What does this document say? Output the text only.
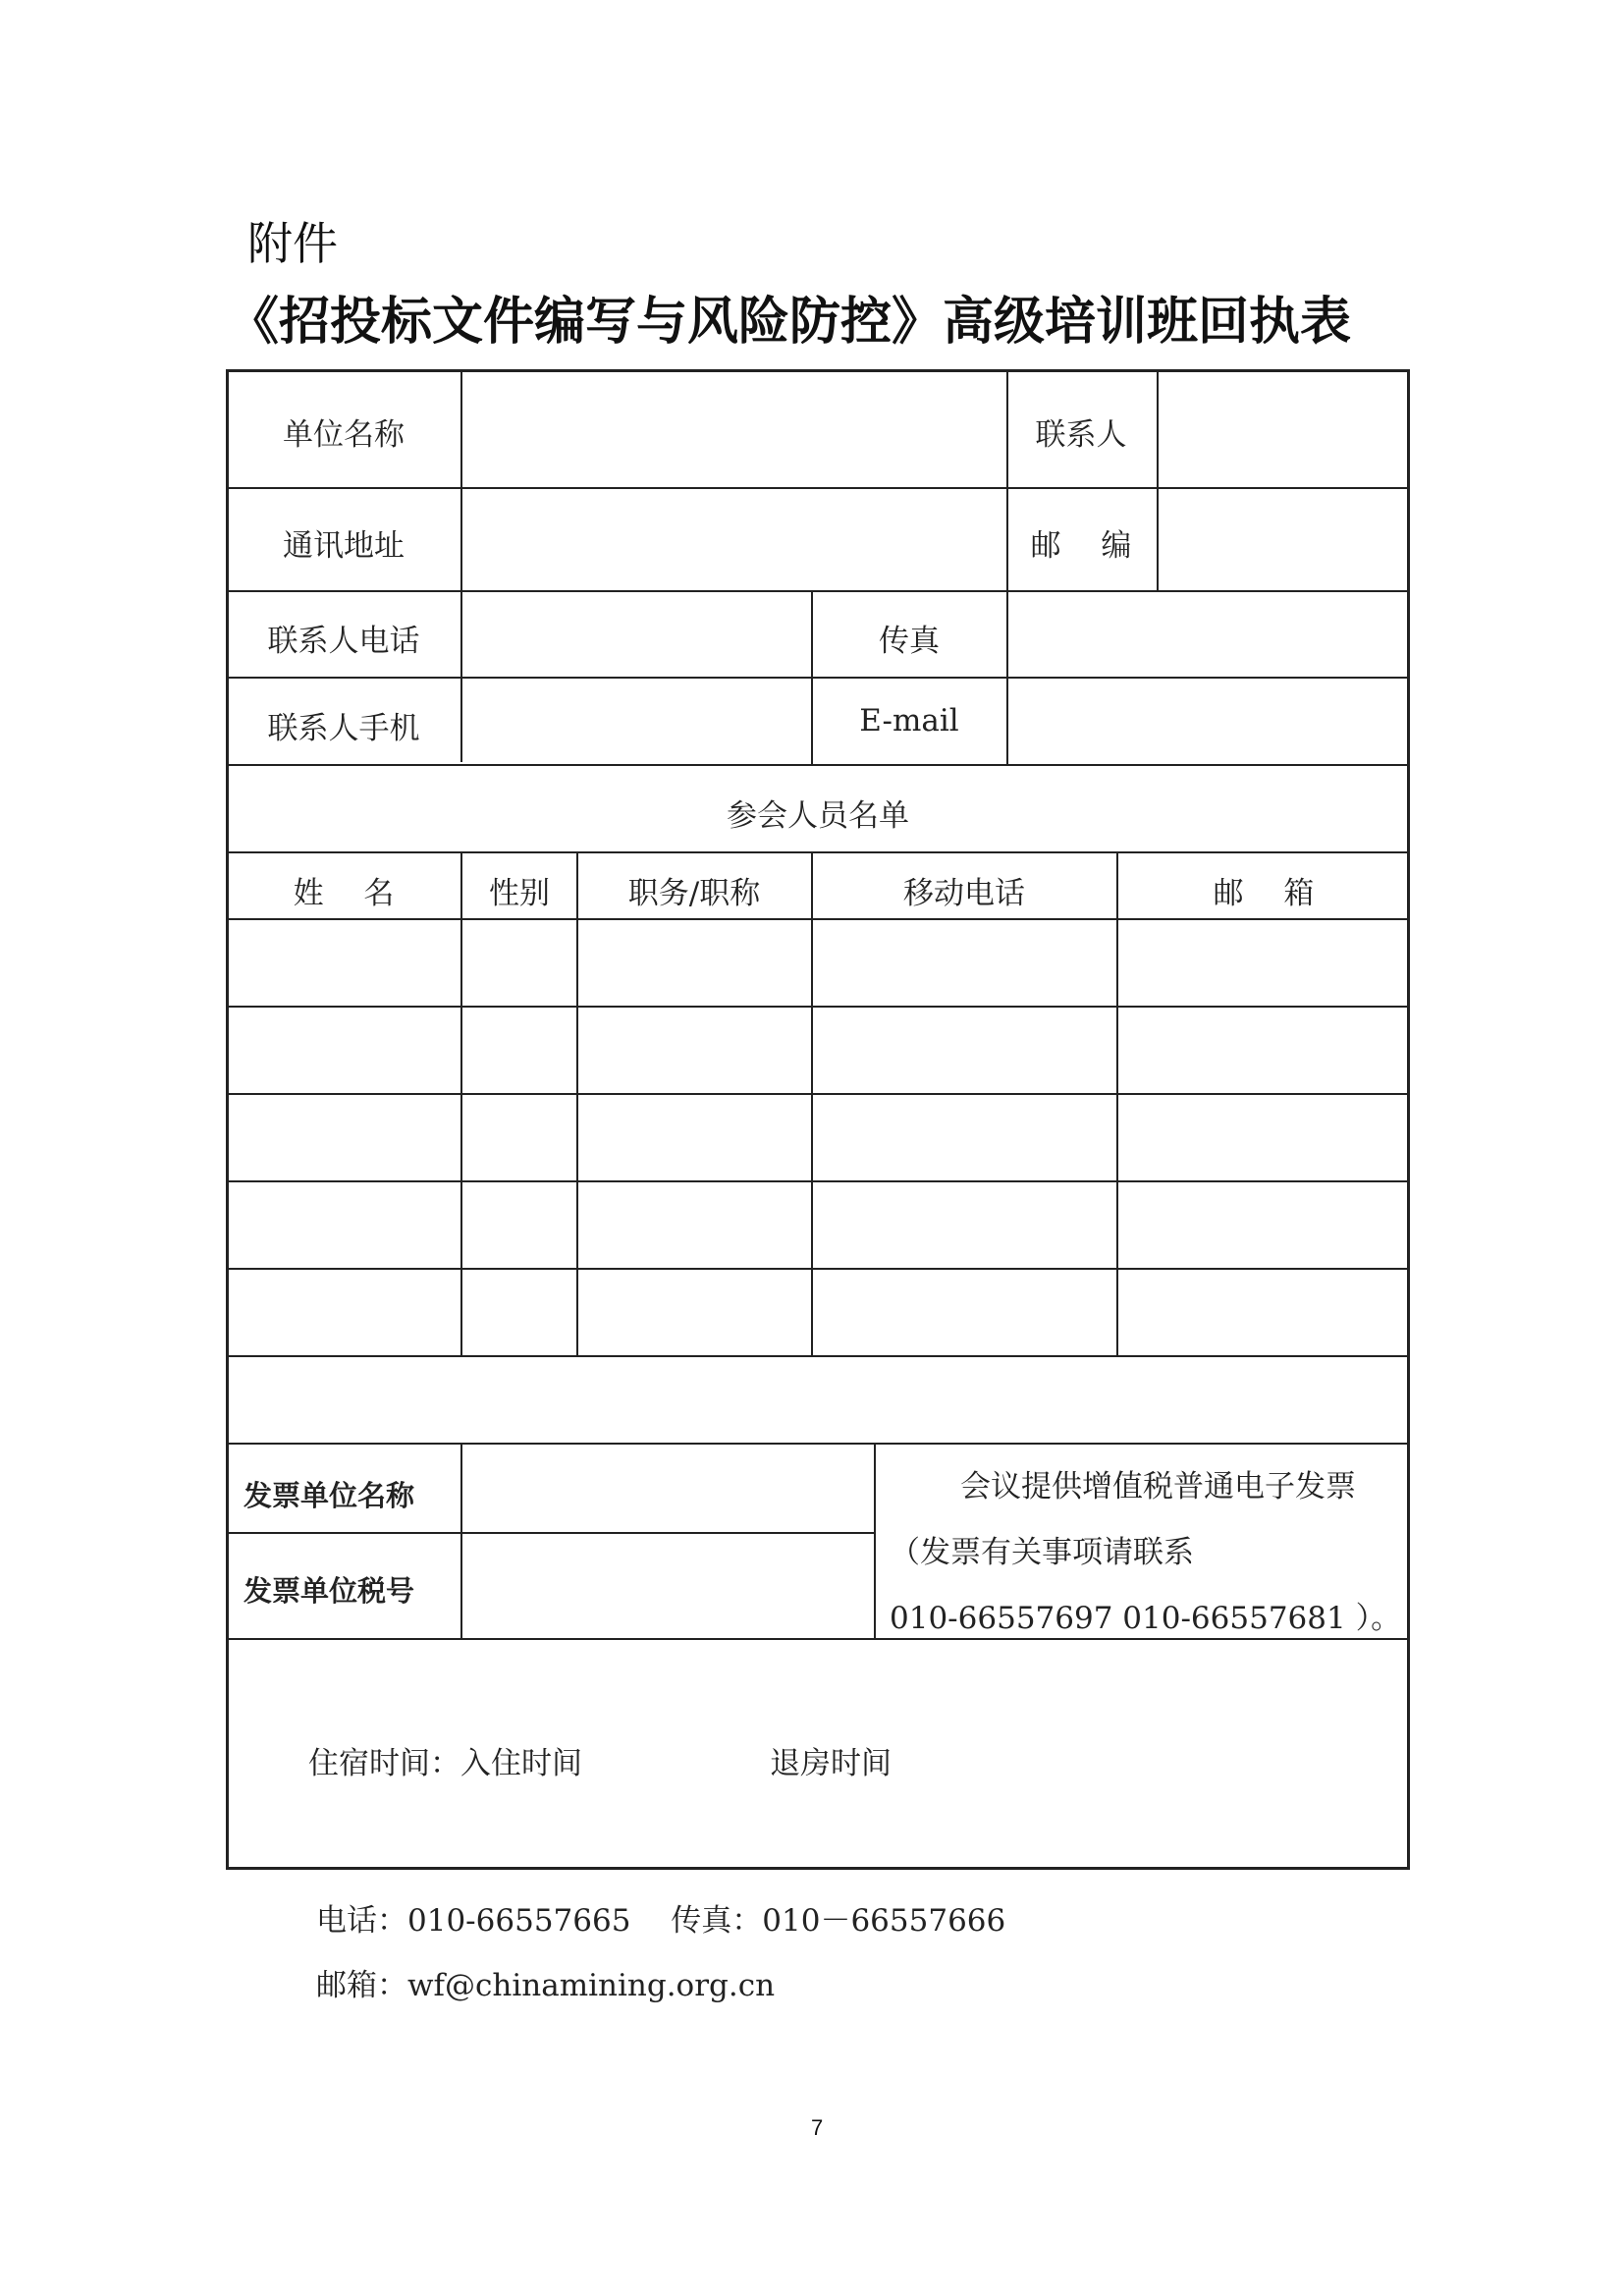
附件
《招投标文件编写与风险防控》高级培训班回执表
单位名称	联系人
通讯地址	邮　 编
联系人电话	传真
联系人手机	E-mail
参会人员名单
姓　 名	性别	职务/职称	移动电话	邮　 箱
发票单位名称
发票单位税号
会议提供增值税普通电子发票
（发票有关事项请联系
010-66557697 010-66557681 ）。
住宿时间：入住时间	退房时间
电话：010-66557665　 传真：010－66557666
邮箱：wf@chinamining.org.cn
7
